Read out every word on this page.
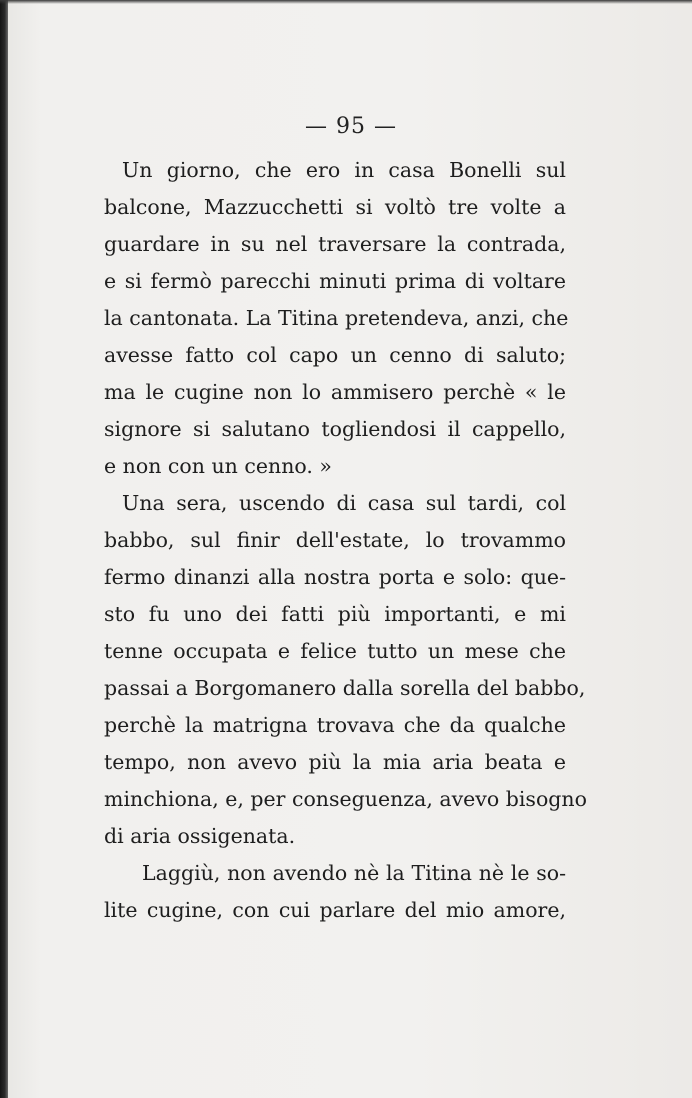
— 95 —
Un giorno, che ero in casa Bonelli sul
balcone, Mazzucchetti si voltò tre volte a
guardare in su nel traversare la contrada,
e si fermò parecchi minuti prima di voltare
la cantonata. La Titina pretendeva, anzi, che
avesse fatto col capo un cenno di saluto;
ma le cugine non lo ammisero perchè « le
signore si salutano togliendosi il cappello,
e non con un cenno. »
Una sera, uscendo di casa sul tardi, col
babbo, sul finir dell'estate, lo trovammo
fermo dinanzi alla nostra porta e solo: que-
sto fu uno dei fatti più importanti, e mi
tenne occupata e felice tutto un mese che
passai a Borgomanero dalla sorella del babbo,
perchè la matrigna trovava che da qualche
tempo, non avevo più la mia aria beata e
minchiona, e, per conseguenza, avevo bisogno
di aria ossigenata.
Laggiù, non avendo nè la Titina nè le so-
lite cugine, con cui parlare del mio amore,
